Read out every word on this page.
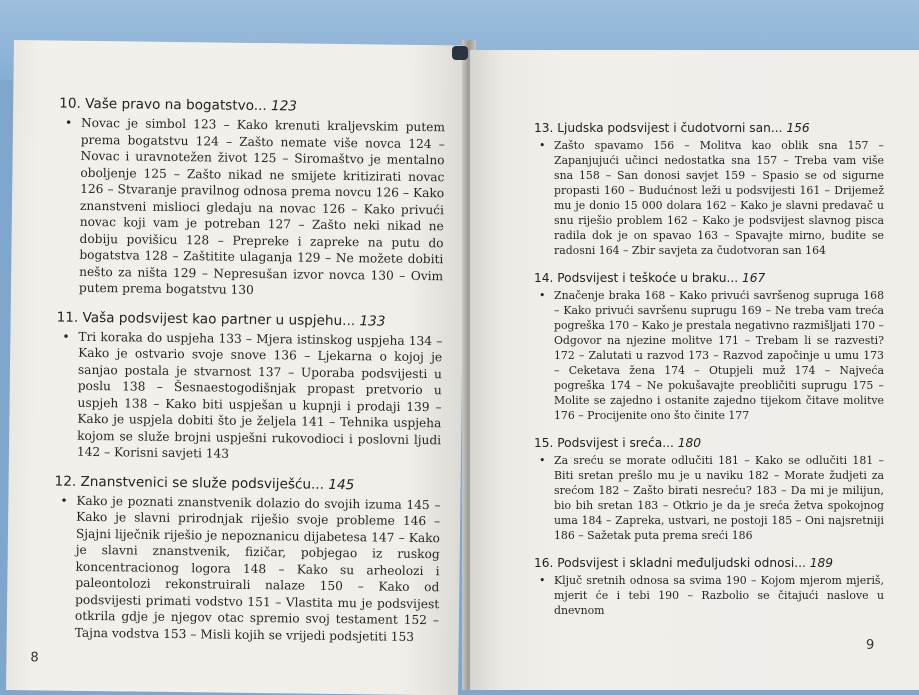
10. Vaše pravo na bogatstvo... 123
• Novac je simbol 123 – Kako krenuti kraljevskim putem prema bogatstvu 124 – Zašto nemate više novca 124 – Novac i uravnotežen život 125 – Siromaštvo je mentalno oboljenje 125 – Zašto nikad ne smijete kritizirati novac 126 – Stvaranje pravilnog odnosa prema novcu 126 – Kako znanstveni mislioci gledaju na novac 126 – Kako privući novac koji vam je potreban 127 – Zašto neki nikad ne dobiju povišicu 128 – Prepreke i zapreke na putu do bogatstva 128 – Zaštitite ulaganja 129 – Ne možete dobiti nešto za ništa 129 – Nepresušan izvor novca 130 – Ovim putem prema bogatstvu 130
11. Vaša podsvijest kao partner u uspjehu... 133
• Tri koraka do uspjeha 133 – Mjera istinskog uspjeha 134 – Kako je ostvario svoje snove 136 – Ljekarna o kojoj je sanjao postala je stvarnost 137 – Uporaba podsvijesti u poslu 138 – Šesnaestogodišnjak propast pretvorio u uspjeh 138 – Kako biti uspješan u kupnji i prodaji 139 – Kako je uspjela dobiti što je željela 141 – Tehnika uspjeha kojom se služe brojni uspješni rukovodioci i poslovni ljudi 142 – Korisni savjeti 143
12. Znanstvenici se služe podsviješću... 145
• Kako je poznati znanstvenik dolazio do svojih izuma 145 – Kako je slavni prirodnjak riješio svoje probleme 146 – Sjajni liječnik riješio je nepoznanicu dijabetesa 147 – Kako je slavni znanstvenik, fizičar, pobjegao iz ruskog koncentracionog logora 148 – Kako su arheolozi i paleontolozi rekonstruirali nalaze 150 – Kako od podsvijesti primati vodstvo 151 – Vlastita mu je podsvijest otkrila gdje je njegov otac spremio svoj testament 152 – Tajna vodstva 153 – Misli kojih se vrijedi podsjetiti 153
8
13. Ljudska podsvijest i čudotvorni san... 156
• Zašto spavamo 156 – Molitva kao oblik sna 157 – Zapanjujući učinci nedostatka sna 157 – Treba vam više sna 158 – San donosi savjet 159 – Spasio se od sigurne propasti 160 – Budućnost leži u podsvijesti 161 – Drijemež mu je donio 15 000 dolara 162 – Kako je slavni predavač u snu riješio problem 162 – Kako je podsvijest slavnog pisca radila dok je on spavao 163 – Spavajte mirno, budite se radosni 164 – Zbir savjeta za čudotvoran san 164
14. Podsvijest i teškoće u braku... 167
• Značenje braka 168 – Kako privući savršenog supruga 168 – Kako privući savršenu suprugu 169 – Ne treba vam treća pogreška 170 – Kako je prestala negativno razmišljati 170 – Odgovor na njezine molitve 171 – Trebam li se razvesti? 172 – Zalutati u razvod 173 – Razvod započinje u umu 173 – Ceketava žena 174 – Otupjeli muž 174 – Najveća pogreška 174 – Ne pokušavajte preobličiti suprugu 175 – Molite se zajedno i ostanite zajedno tijekom čitave molitve 176 – Procijenite ono što činite 177
15. Podsvijest i sreća... 180
• Za sreću se morate odlučiti 181 – Kako se odlučiti 181 – Biti sretan prešlo mu je u naviku 182 – Morate žudjeti za srećom 182 – Zašto birati nesreću? 183 – Da mi je milijun, bio bih sretan 183 – Otkrio je da je sreća žetva spokojnog uma 184 – Zapreka, ustvari, ne postoji 185 – Oni najsretniji 186 – Sažetak puta prema sreći 186
16. Podsvijest i skladni međuljudski odnosi... 189
• Ključ sretnih odnosa sa svima 190 – Kojom mjerom mjeriš, mjerit će i tebi 190 – Razbolio se čitajući naslove u dnevnom
9
